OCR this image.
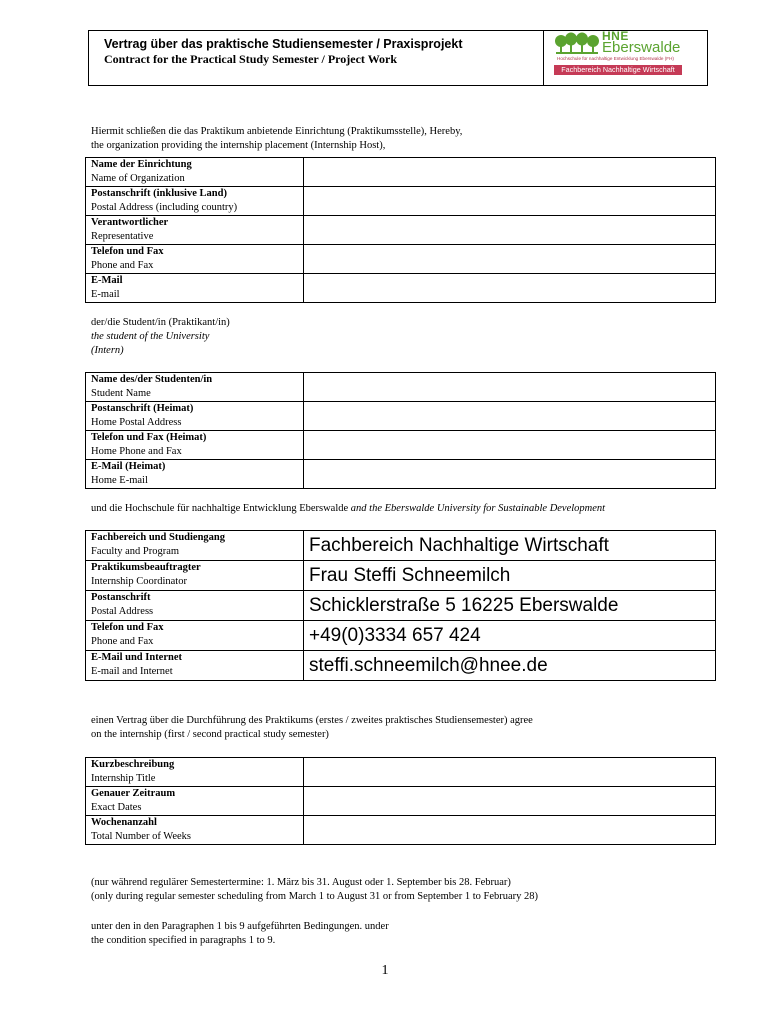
Vertrag über das praktische Studiensemester / Praxisprojekt
Contract for the Practical Study Semester / Project Work
HNE
Eberswalde
Hochschule für nachhaltige Entwicklung Eberswalde (FH)
Fachbereich Nachhaltige Wirtschaft
Hiermit schließen die das Praktikum anbietende Einrichtung (Praktikumsstelle), Hereby,
the organization providing the internship placement (Internship Host),
Name der Einrichtung
Name of Organization	

Postanschrift (inklusive Land)
Postal Address (including country)	

Verantwortlicher
Representative	

Telefon und Fax
Phone and Fax	

E-Mail
E-mail	

der/die Student/in (Praktikant/in)
the student of the University
(Intern)
Name des/der Studenten/in
Student Name	

Postanschrift (Heimat)
Home Postal Address	

Telefon und Fax (Heimat)
Home Phone and Fax	

E-Mail (Heimat)
Home E-mail	

und die Hochschule für nachhaltige Entwicklung Eberswalde and the Eberswalde University for Sustainable Development
Fachbereich und Studiengang
Faculty and Program	Fachbereich Nachhaltige Wirtschaft

Praktikumsbeauftragter
Internship Coordinator	Frau Steffi Schneemilch

Postanschrift
Postal Address	Schicklerstraße 5 16225 Eberswalde

Telefon und Fax
Phone and Fax	+49(0)3334 657 424

E-Mail und Internet
E-mail and Internet	steffi.schneemilch@hnee.de
einen Vertrag über die Durchführung des Praktikums (erstes / zweites praktisches Studiensemester) agree
on the internship (first / second practical study semester)
Kurzbeschreibung
Internship Title	

Genauer Zeitraum
Exact Dates	

Wochenanzahl
Total Number of Weeks	

(nur während regulärer Semestertermine: 1. März bis 31. August oder 1. September bis 28. Februar)
(only during regular semester scheduling from March 1 to August 31 or from September 1 to February 28)
unter den in den Paragraphen 1 bis 9 aufgeführten Bedingungen. under
the condition specified in paragraphs 1 to 9.
1
